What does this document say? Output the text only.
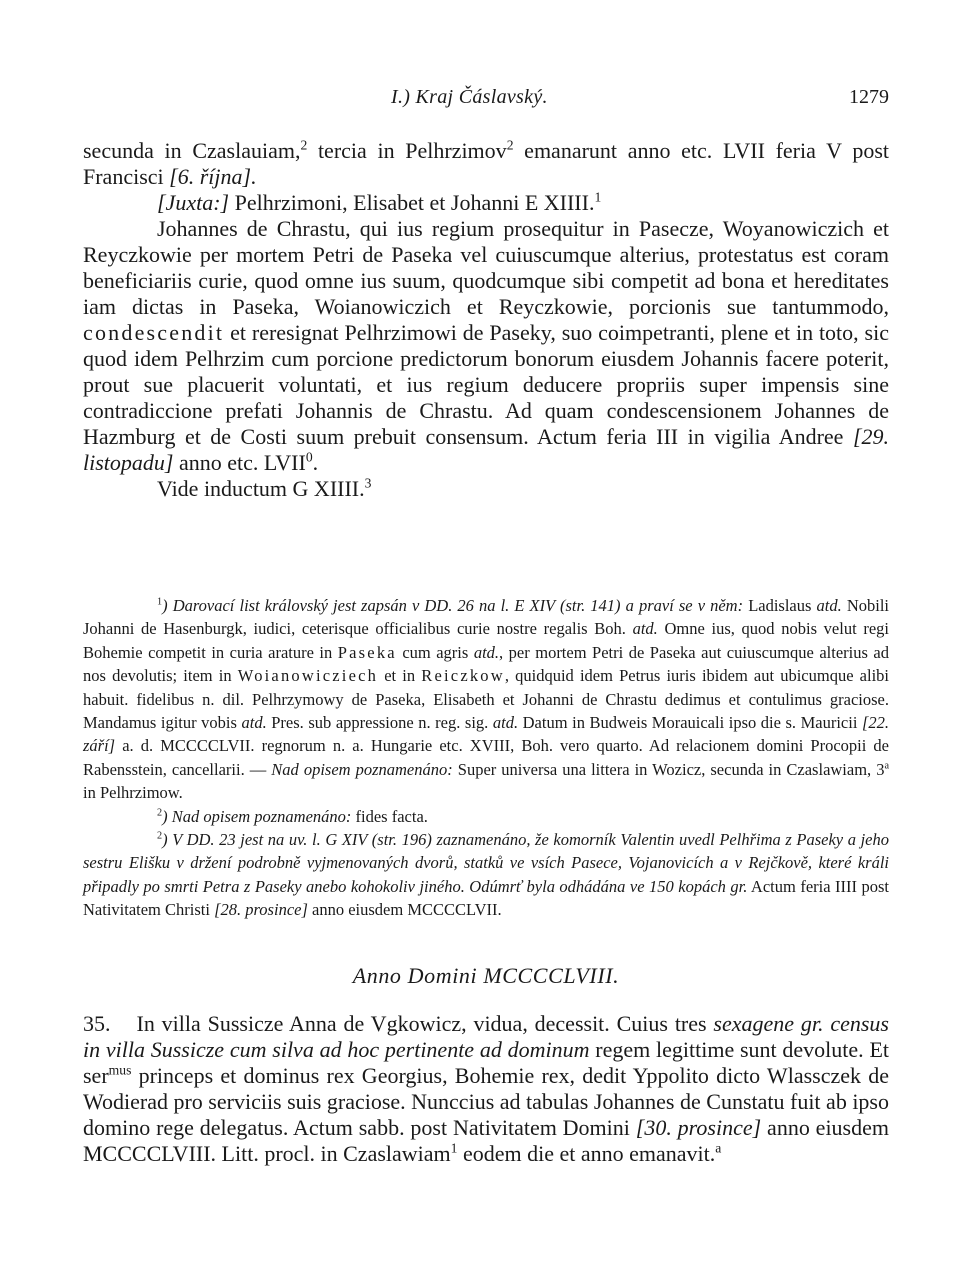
I.) Kraj Čáslavský.	1279

secunda in Czaslauiam,$^2$ tercia in Pelhrzimov$^2$ emanarunt anno etc. LVII feria V post Francisci [6. října].

[Juxta:] Pelhrzimoni, Elisabet et Johanni E XIIII.$^1$

Johannes de Chrastu, qui ius regium prosequitur in Pasecze, Woyanowiczich et Reyczkowie per mortem Petri de Paseka vel cuiuscumque alterius, protestatus est coram beneficiariis curie, quod omne ius suum, quodcumque sibi competit ad bona et hereditates iam dictas in Paseka, Woianowiczich et Reyczkowie, porcionis sue tantummodo, condescendit et reresignat Pelhrzimowi de Paseky, suo coimpetranti, plene et in toto, sic quod idem Pelhrzim cum porcione predictorum bonorum eiusdem Johannis facere poterit, prout sue placuerit voluntati, et ius regium deducere propriis super impensis sine contradiccione prefati Johannis de Chrastu. Ad quam condescensionem Johannes de Hazmburg et de Costi suum prebuit consensum. Actum feria III in vigilia Andree [29. listopadu] anno etc. LVII$^0$.

Vide inductum G XIIII.$^3$

$^1$) Darovací list královský jest zapsán v DD. 26 na l. E XIV (str. 141) a praví se v něm: Ladislaus atd. Nobili Johanni de Hasenburgk, iudici, ceterisque officialibus curie nostre regalis Boh. atd. Omne ius, quod nobis velut regi Bohemie competit in curia arature in Paseka cum agris atd., per mortem Petri de Paseka aut cuiuscumque alterius ad nos devolutis; item in Woianowicziech et in Reiczkow, quidquid idem Petrus iuris ibidem aut ubicumque alibi habuit. fidelibus n. dil. Pelhrzymowy de Paseka, Elisabeth et Johanni de Chrastu dedimus et contulimus graciose. Mandamus igitur vobis atd. Pres. sub appressione n. reg. sig. atd. Datum in Budweis Morauicali ipso die s. Mauricii [22. září] a. d. MCCCCLVII. regnorum n. a. Hungarie etc. XVIII, Boh. vero quarto. Ad relacionem domini Procopii de Rabensstein, cancellarii. — Nad opisem poznamenáno: Super universa una littera in Wozicz, secunda in Czaslawiam, 3$^a$ in Pelhrzimow.

$^2$) Nad opisem poznamenáno: fides facta.

$^2$) V DD. 23 jest na uv. l. G XIV (str. 196) zaznamenáno, že komorník Valentin uvedl Pelhřima z Paseky a jeho sestru Elišku v držení podrobně vyjmenovaných dvorů, statků ve vsích Pasece, Vojanovicích a v Rejčkově, které králi připadly po smrti Petra z Paseky anebo kohokoliv jiného. Odúmrť byla odhádána ve 150 kopách gr. Actum feria IIII post Nativitatem Christi [28. prosince] anno eiusdem MCCCCLVII.

Anno Domini MCCCCLVIII.

35. In villa Sussicze Anna de Vgkowicz, vidua, decessit. Cuius tres sexagene gr. census in villa Sussicze cum silva ad hoc pertinente ad dominum regem legittime sunt devolute. Et ser$^{mus}$ princeps et dominus rex Georgius, Bohemie rex, dedit Yppolito dicto Wlassczek de Wodierad pro serviciis suis graciose. Nunccius ad tabulas Johannes de Cunstatu fuit ab ipso domino rege delegatus. Actum sabb. post Nativitatem Domini [30. prosince] anno eiusdem MCCCCLVIII. Litt. procl. in Czaslawiam$^1$ eodem die et anno emanavit.$^a$
